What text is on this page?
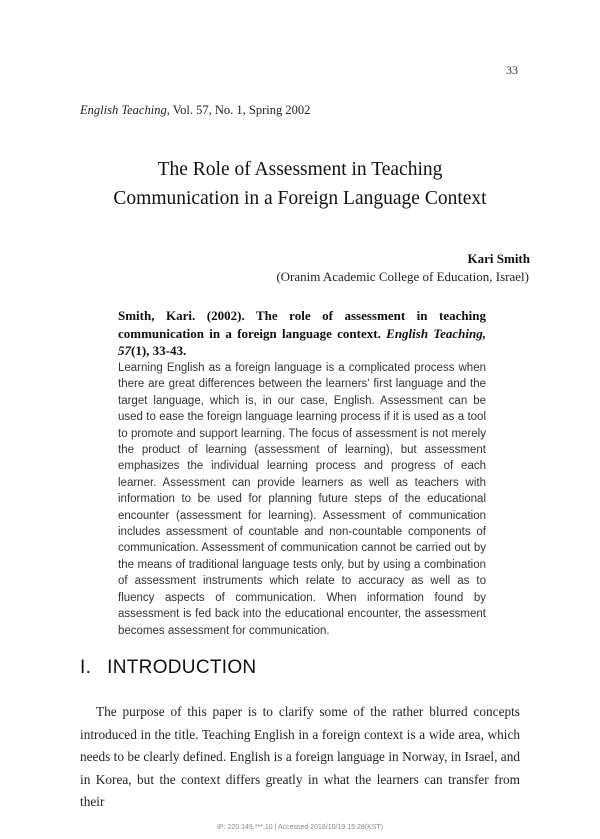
33
English Teaching, Vol. 57, No. 1, Spring 2002
The Role of Assessment in Teaching
Communication in a Foreign Language Context
Kari Smith
(Oranim Academic College of Education, Israel)
Smith, Kari. (2002). The role of assessment in teaching communication in a foreign language context. English Teaching, 57(1), 33-43.
Learning English as a foreign language is a complicated process when there are great differences between the learners' first language and the target language, which is, in our case, English. Assessment can be used to ease the foreign language learning process if it is used as a tool to promote and support learning. The focus of assessment is not merely the product of learning (assessment of learning), but assessment emphasizes the individual learning process and progress of each learner. Assessment can provide learners as well as teachers with information to be used for planning future steps of the educational encounter (assessment for learning). Assessment of communication includes assessment of countable and non-countable components of communication. Assessment of communication cannot be carried out by the means of traditional language tests only, but by using a combination of assessment instruments which relate to accuracy as well as to fluency aspects of communication. When information found by assessment is fed back into the educational encounter, the assessment becomes assessment for communication.
I. INTRODUCTION
The purpose of this paper is to clarify some of the rather blurred concepts introduced in the title. Teaching English in a foreign context is a wide area, which needs to be clearly defined. English is a foreign language in Norway, in Israel, and in Korea, but the context differs greatly in what the learners can transfer from their
IP: 220.149.***.10 | Accessed 2018/10/19 15:28(KST)
